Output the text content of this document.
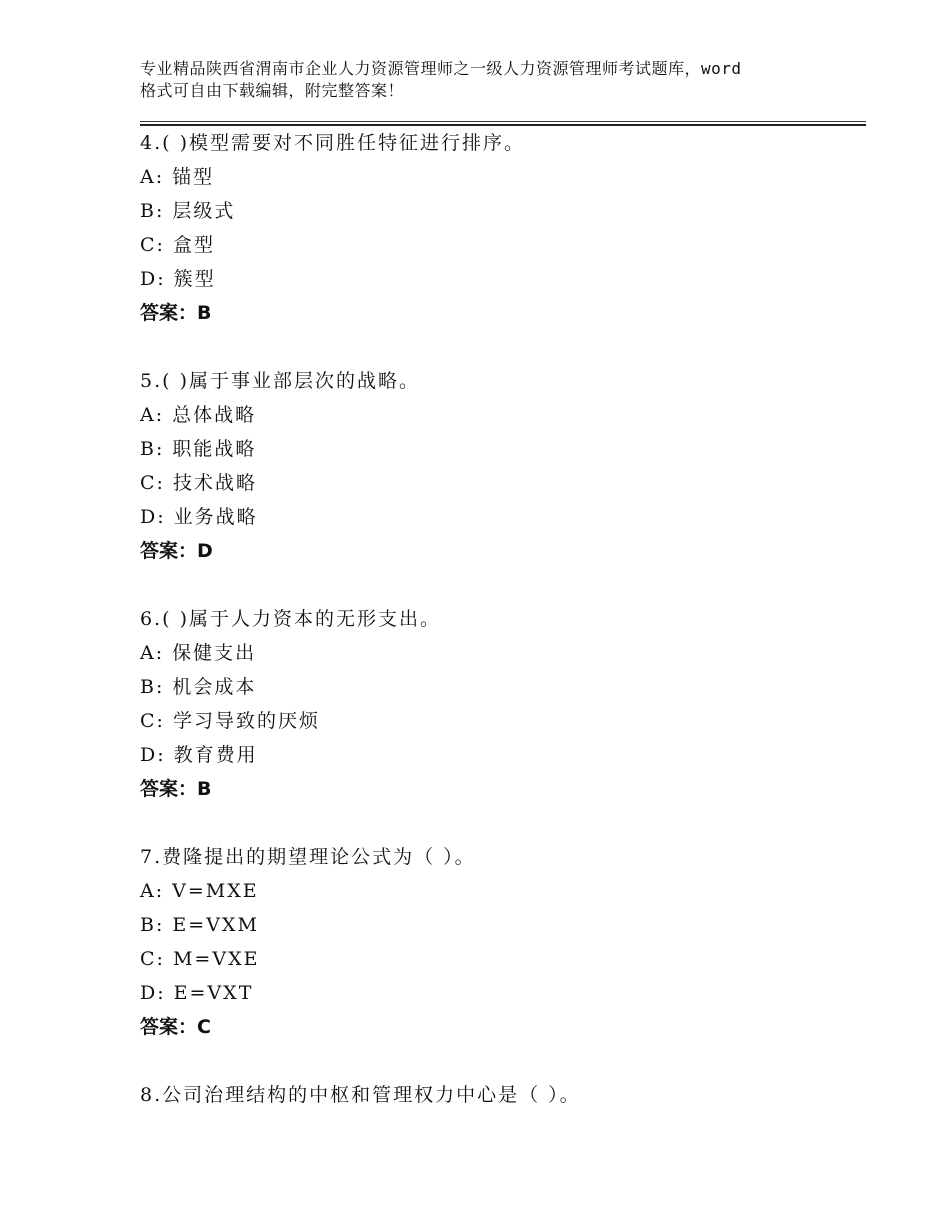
专业精品陕西省渭南市企业人力资源管理师之一级人力资源管理师考试题库，word
格式可自由下载编辑，附完整答案！
4.( )模型需要对不同胜任特征进行排序。
A: 锚型
B: 层级式
C: 盒型
D: 簇型
答案：B
5.( )属于事业部层次的战略。
A: 总体战略
B: 职能战略
C: 技术战略
D: 业务战略
答案：D
6.( )属于人力资本的无形支出。
A: 保健支出
B: 机会成本
C: 学习导致的厌烦
D: 教育费用
答案：B
7.费隆提出的期望理论公式为（ ）。
A: V=MXE
B: E=VXM
C: M=VXE
D: E=VXT
答案：C
8.公司治理结构的中枢和管理权力中心是（ ）。
